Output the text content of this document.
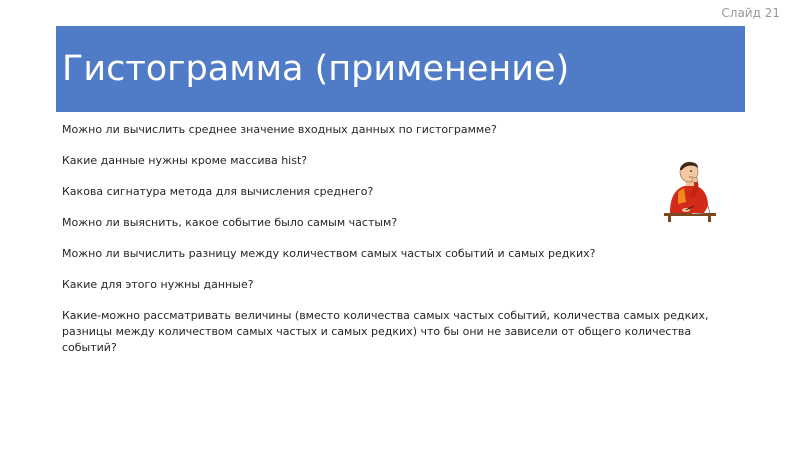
Слайд 21
Гистограмма (применение)
Можно ли вычислить среднее значение входных данных по гистограмме?
Какие данные нужны кроме массива hist?
Какова сигнатура метода для вычисления среднего?
Можно ли выяснить, какое событие было самым частым?
Можно ли вычислить разницу между количеством самых частых событий и самых редких?
Какие для этого нужны данные?
Какие-можно рассматривать величины (вместо количества самых частых событий, количества самых редких, разницы между количеством самых частых и самых редких) что бы они не зависели от общего количества событий?
